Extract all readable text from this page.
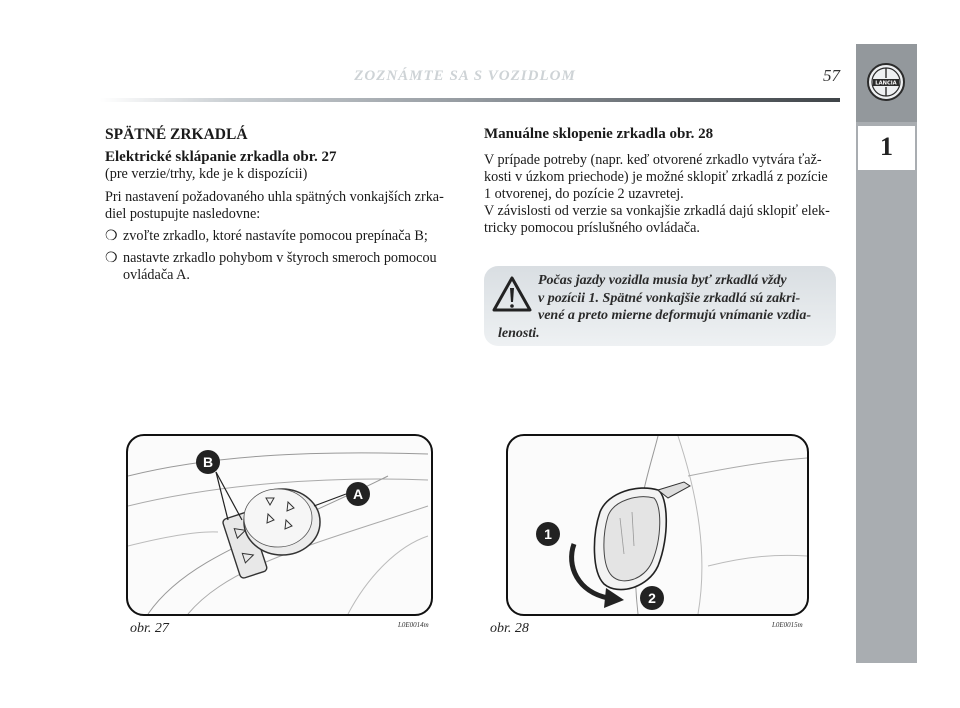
ZOZNÁMTE SA S VOZIDLOM	57	LANCIA
1
SPÄTNÉ ZRKADLÁ
Elektrické sklápanie zrkadla obr. 27
(pre verzie/trhy, kde je k dispozícii)
Pri nastavení požadovaného uhla spätných vonkajších zrka-
diel postupujte nasledovne:
❍ zvoľte zrkadlo, ktoré nastavíte pomocou prepínača B;
❍ nastavte zrkadlo pohybom v štyroch smeroch pomocou
ovládača A.
Manuálne sklopenie zrkadla obr. 28
V prípade potreby (napr. keď otvorené zrkadlo vytvára ťaž-
kosti v úzkom priechode) je možné sklopiť zrkadlá z pozície
1 otvorenej, do pozície 2 uzavretej.
V závislosti od verzie sa vonkajšie zrkadlá dajú sklopiť elek-
tricky pomocou príslušného ovládača.
Počas jazdy vozidla musia byť zrkadlá vždy
v pozícii 1. Spätné vonkajšie zrkadlá sú zakri-
vené a preto mierne deformujú vnímanie vzdia-
lenosti.
B
A
obr. 27	L0E0014m
1
2
obr. 28	L0E0015m
